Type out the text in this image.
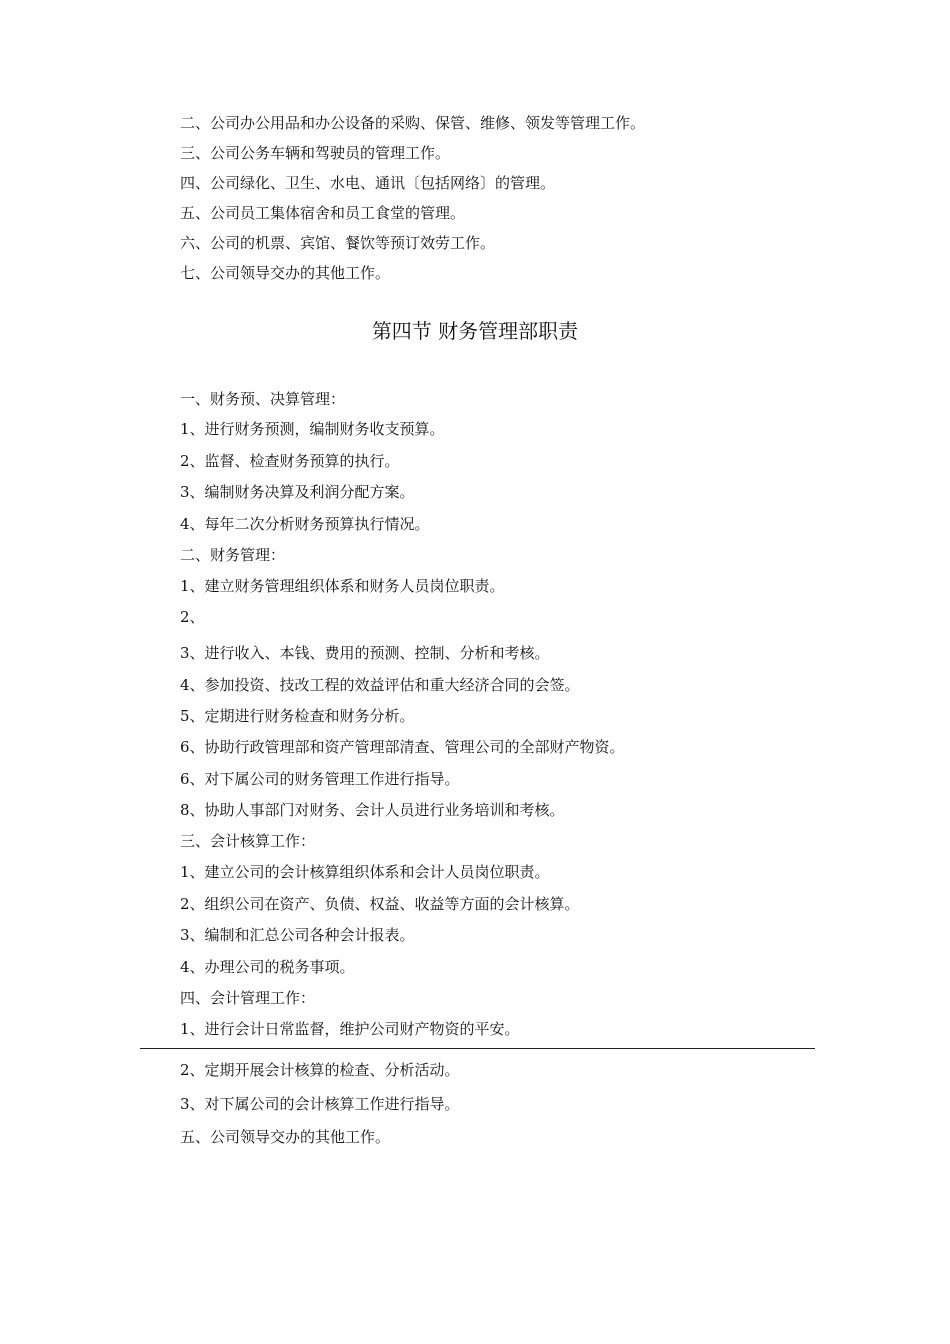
二、公司办公用品和办公设备的采购、保管、维修、领发等管理工作。
三、公司公务车辆和驾驶员的管理工作。
四、公司绿化、卫生、水电、通讯〔包括网络〕的管理。
五、公司员工集体宿舍和员工食堂的管理。
六、公司的机票、宾馆、餐饮等预订效劳工作。
七、公司领导交办的其他工作。
第四节 财务管理部职责
一、财务预、决算管理：
1、进行财务预测，编制财务收支预算。
2、监督、检查财务预算的执行。
3、编制财务决算及利润分配方案。
4、每年二次分析财务预算执行情况。
二、财务管理：
1、建立财务管理组织体系和财务人员岗位职责。
2、
3、进行收入、本钱、费用的预测、控制、分析和考核。
4、参加投资、技改工程的效益评估和重大经济合同的会签。
5、定期进行财务检查和财务分析。
6、协助行政管理部和资产管理部清查、管理公司的全部财产物资。
6、对下属公司的财务管理工作进行指导。
8、协助人事部门对财务、会计人员进行业务培训和考核。
三、会计核算工作：
1、建立公司的会计核算组织体系和会计人员岗位职责。
2、组织公司在资产、负债、权益、收益等方面的会计核算。
3、编制和汇总公司各种会计报表。
4、办理公司的税务事项。
四、会计管理工作：
1、进行会计日常监督，维护公司财产物资的平安。
2、定期开展会计核算的检查、分析活动。
3、对下属公司的会计核算工作进行指导。
五、公司领导交办的其他工作。
